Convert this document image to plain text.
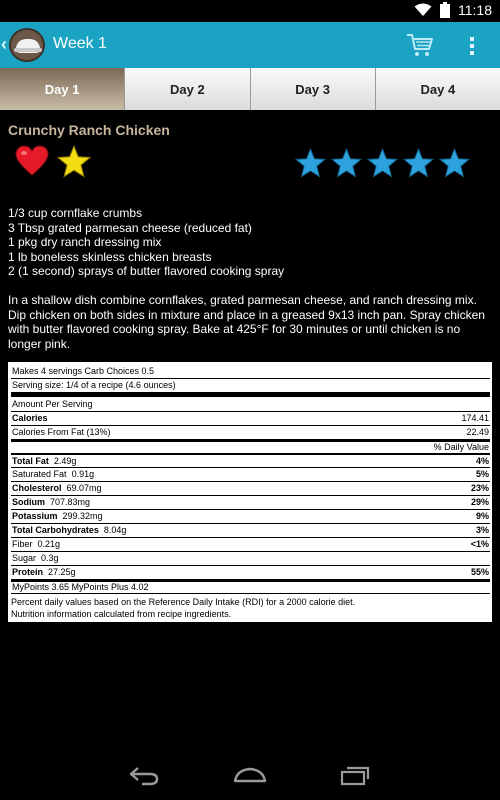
11:18
‹	Week 1
Day 1	Day 2	Day 3	Day 4
Crunchy Ranch Chicken
1/3 cup cornflake crumbs
3 Tbsp grated parmesan cheese (reduced fat)
1 pkg dry ranch dressing mix
1 lb boneless skinless chicken breasts
2 (1 second) sprays of butter flavored cooking spray
In a shallow dish combine cornflakes, grated parmesan cheese, and ranch dressing mix. Dip chicken on both sides in mixture and place in a greased 9x13 inch pan. Spray chicken with butter flavored cooking spray. Bake at 425°F for 30 minutes or until chicken is no longer pink.
Makes 4 servings Carb Choices 0.5
Serving size: 1/4 of a recipe (4.6 ounces)
Amount Per Serving
Calories	174.41
Calories From Fat (13%)	22.49
% Daily Value
Total Fat 2.49g	4%
Saturated Fat 0.91g	5%
Cholesterol 69.07mg	23%
Sodium 707.83mg	29%
Potassium 299.32mg	9%
Total Carbohydrates 8.04g	3%
Fiber 0.21g	<1%
Sugar 0.3g
Protein 27.25g	55%
MyPoints 3.65 MyPoints Plus 4.02
Percent daily values based on the Reference Daily Intake (RDI) for a 2000 calorie diet.
Nutrition information calculated from recipe ingredients.
